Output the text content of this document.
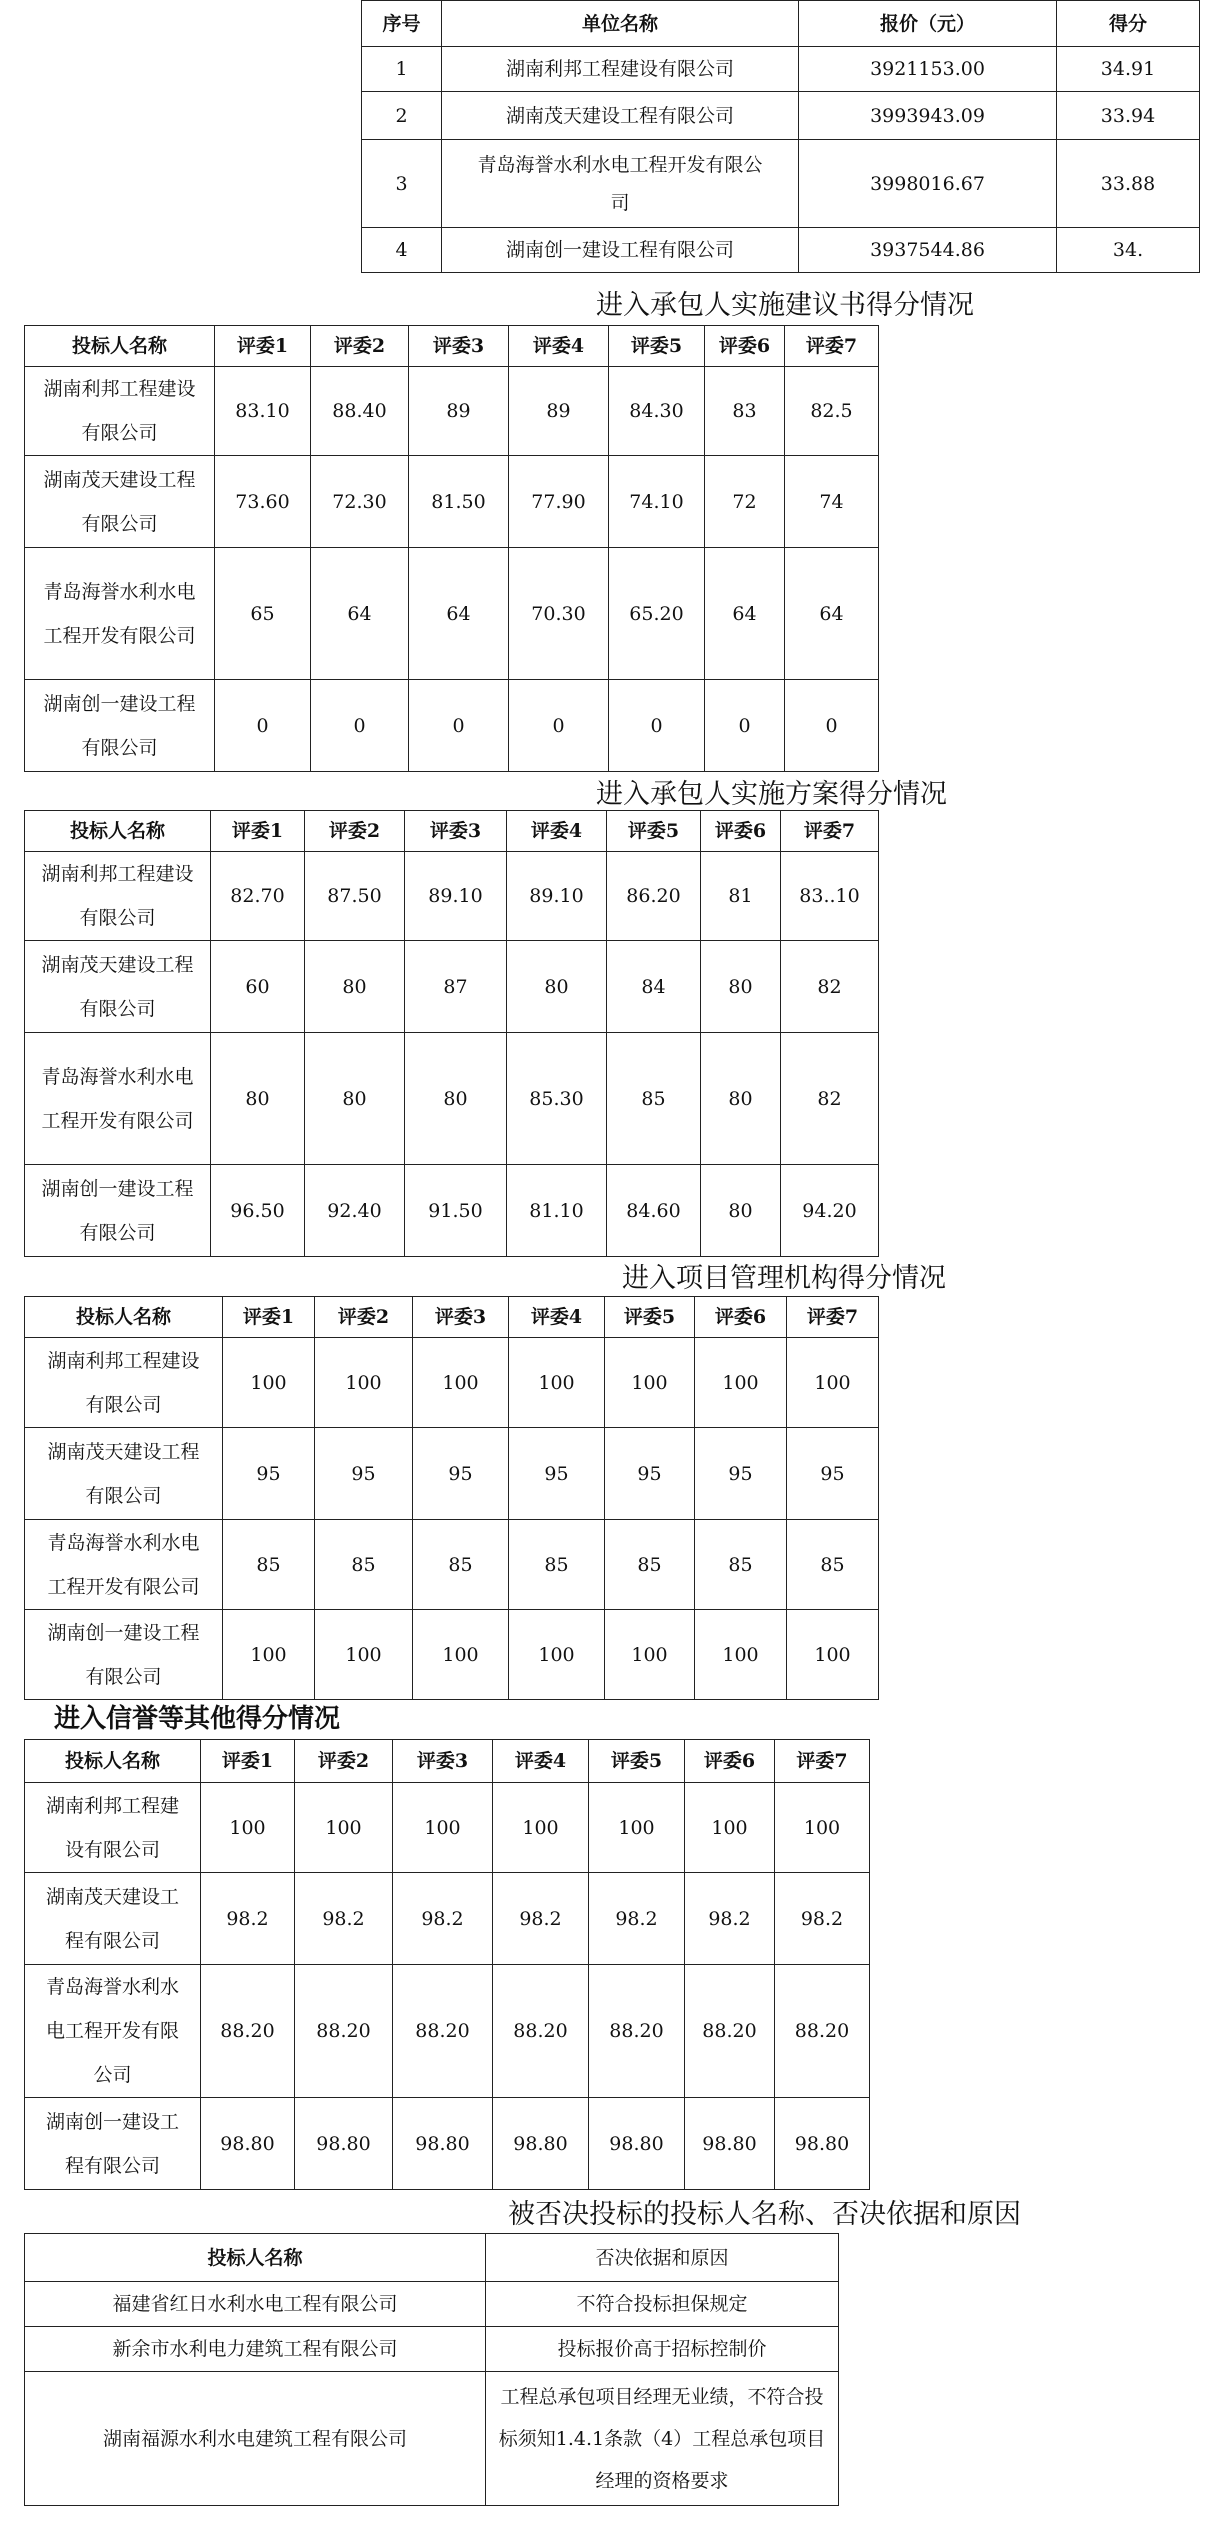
序号	单位名称	报价（元）	得分
1	湖南利邦工程建设有限公司	3921153.00	34.91
2	湖南茂天建设工程有限公司	3993943.09	33.94
3	青岛海誉水利水电工程开发有限公司	3998016.67	33.88
4	湖南创一建设工程有限公司	3937544.86	34.
进入承包人实施建议书得分情况
投标人名称	评委1	评委2	评委3	评委4	评委5	评委6	评委7
湖南利邦工程建设有限公司	83.10	88.40	89	89	84.30	83	82.5
湖南茂天建设工程有限公司	73.60	72.30	81.50	77.90	74.10	72	74
青岛海誉水利水电工程开发有限公司	65	64	64	70.30	65.20	64	64
湖南创一建设工程有限公司	0	0	0	0	0	0	0
进入承包人实施方案得分情况
投标人名称	评委1	评委2	评委3	评委4	评委5	评委6	评委7
湖南利邦工程建设有限公司	82.70	87.50	89.10	89.10	86.20	81	83..10
湖南茂天建设工程有限公司	60	80	87	80	84	80	82
青岛海誉水利水电工程开发有限公司	80	80	80	85.30	85	80	82
湖南创一建设工程有限公司	96.50	92.40	91.50	81.10	84.60	80	94.20
进入项目管理机构得分情况
投标人名称	评委1	评委2	评委3	评委4	评委5	评委6	评委7
湖南利邦工程建设有限公司	100	100	100	100	100	100	100
湖南茂天建设工程有限公司	95	95	95	95	95	95	95
青岛海誉水利水电工程开发有限公司	85	85	85	85	85	85	85
湖南创一建设工程有限公司	100	100	100	100	100	100	100
进入信誉等其他得分情况
投标人名称	评委1	评委2	评委3	评委4	评委5	评委6	评委7
湖南利邦工程建设有限公司	100	100	100	100	100	100	100
湖南茂天建设工程有限公司	98.2	98.2	98.2	98.2	98.2	98.2	98.2
青岛海誉水利水电工程开发有限公司	88.20	88.20	88.20	88.20	88.20	88.20	88.20
湖南创一建设工程有限公司	98.80	98.80	98.80	98.80	98.80	98.80	98.80
被否决投标的投标人名称、否决依据和原因
投标人名称	否决依据和原因
福建省红日水利水电工程有限公司	不符合投标担保规定
新余市水利电力建筑工程有限公司	投标报价高于招标控制价
湖南福源水利水电建筑工程有限公司	工程总承包项目经理无业绩，不符合投标须知1.4.1条款（4）工程总承包项目经理的资格要求
